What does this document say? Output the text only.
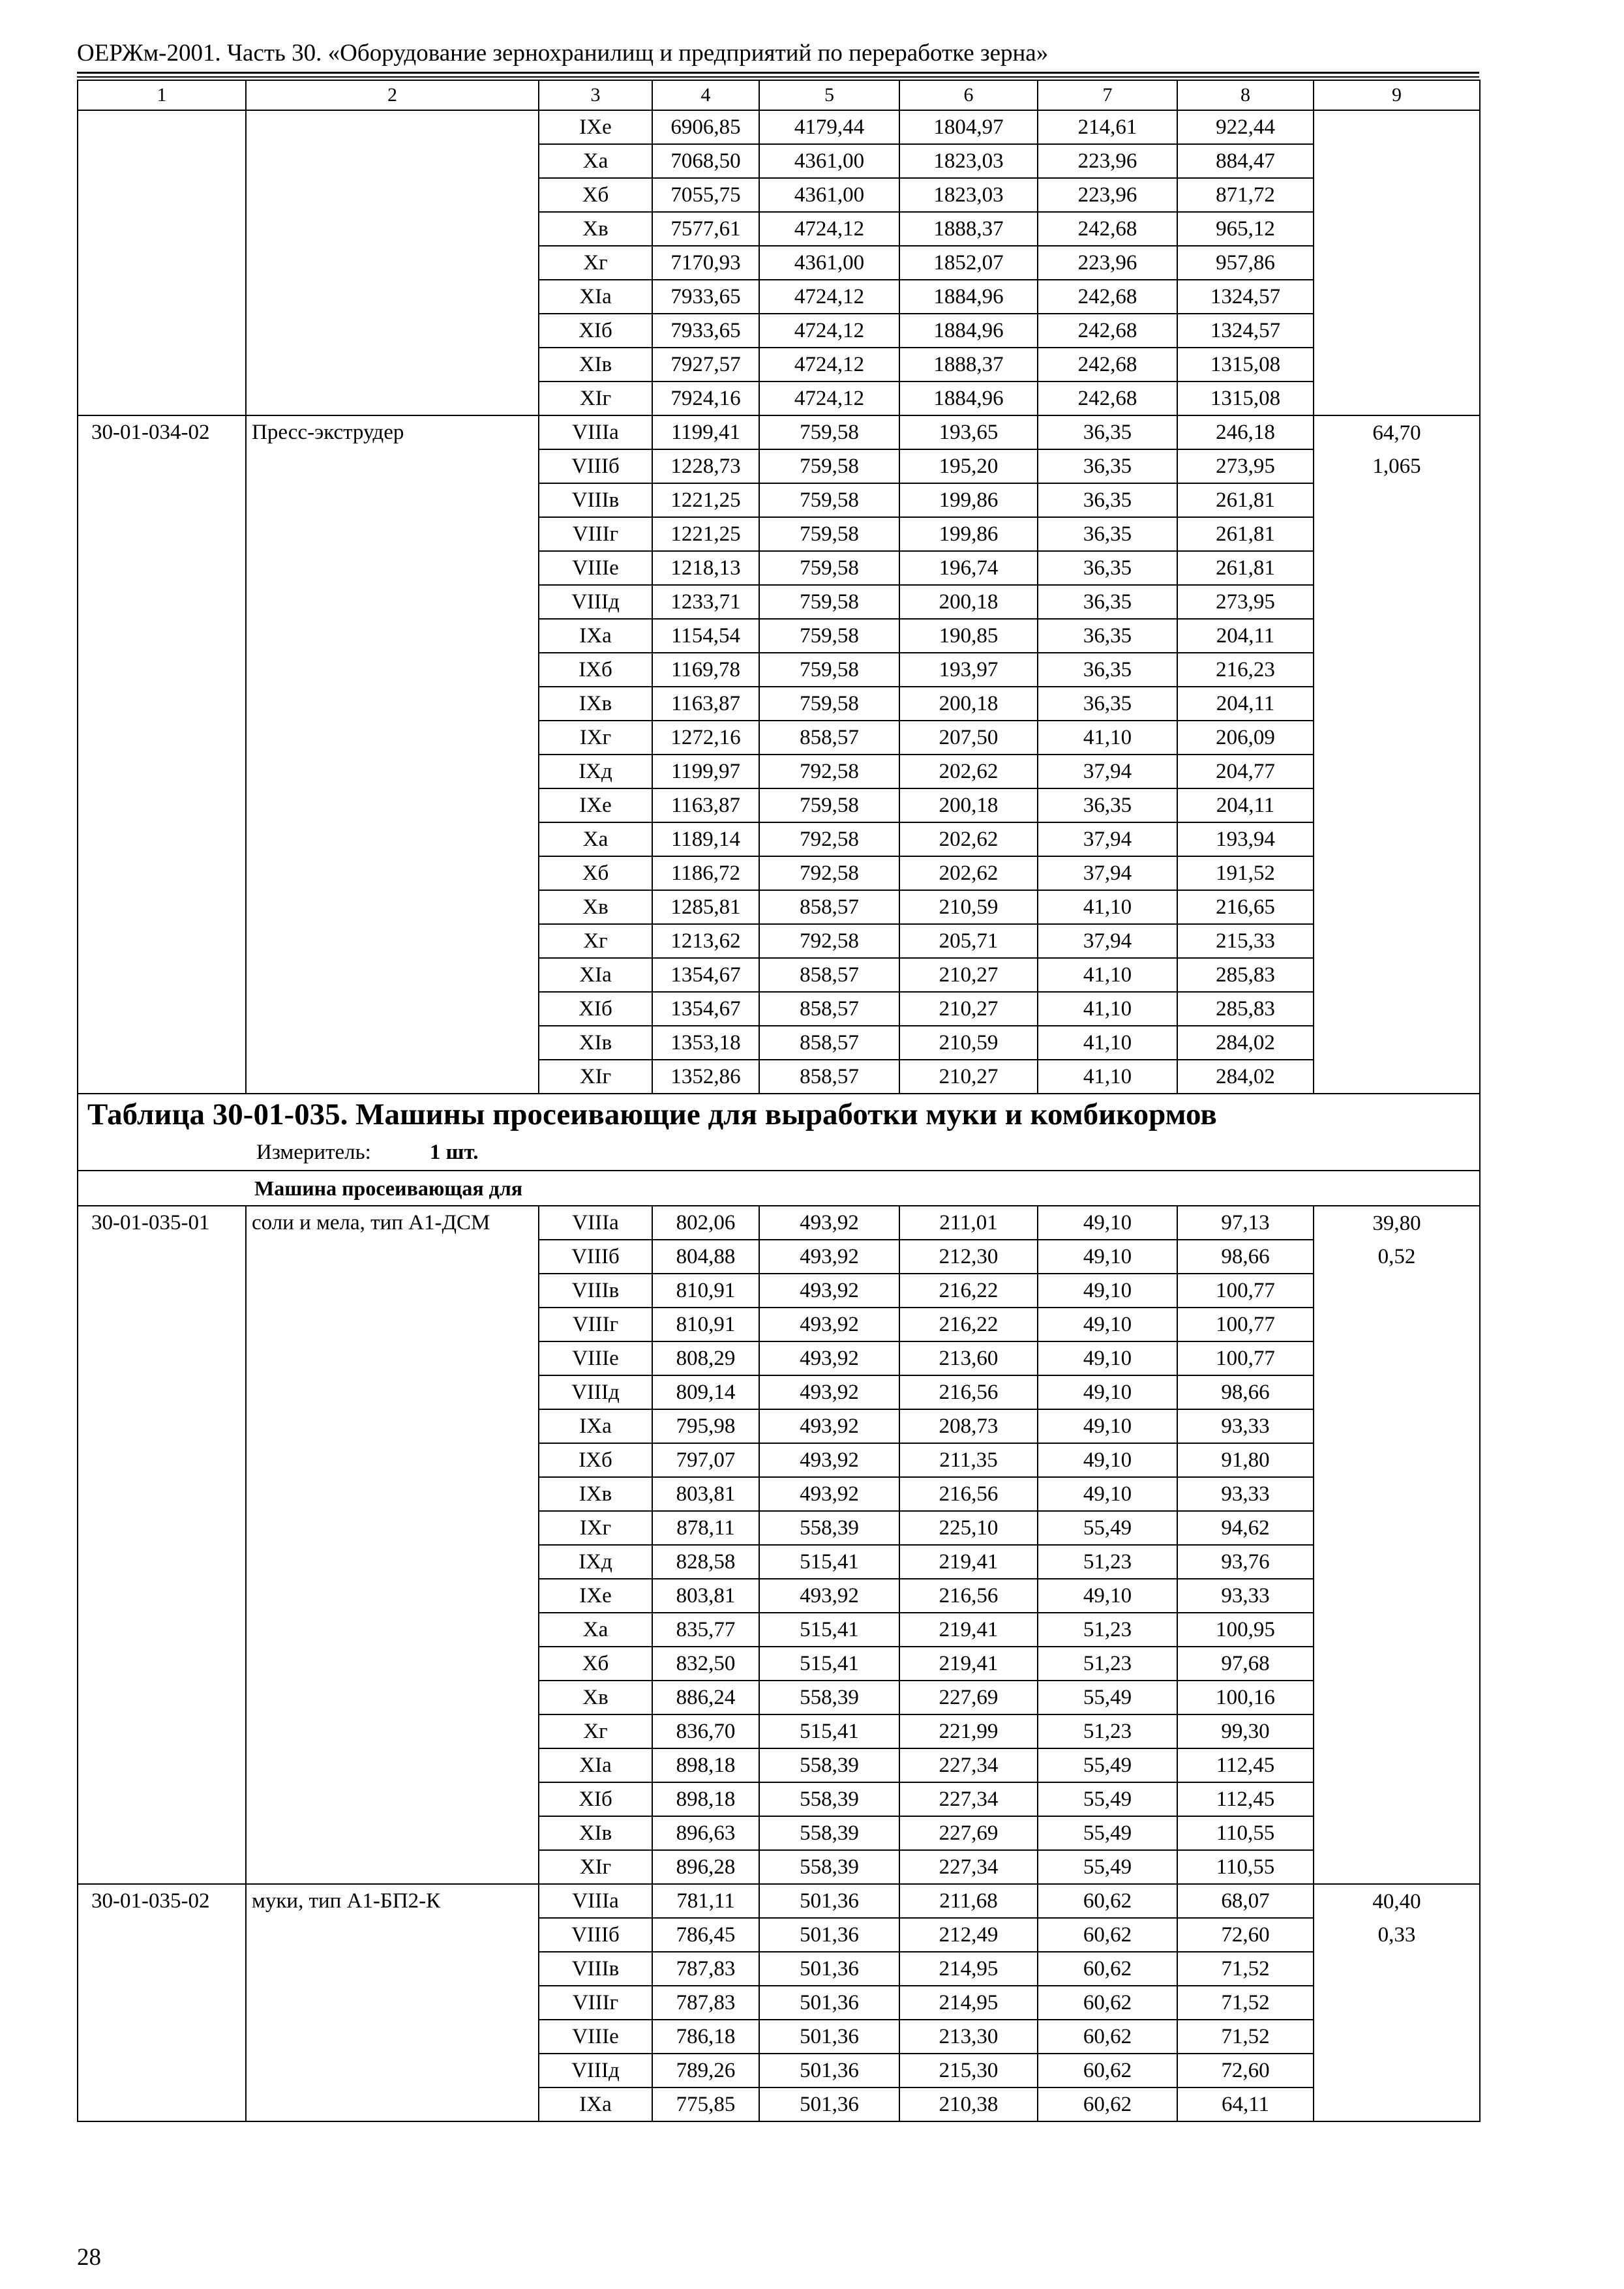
ОЕРЖм-2001. Часть 30. «Оборудование зернохранилищ и предприятий по переработке зерна»
1	2	3	4	5	6	7	8	9
		IXe	6906,85	4179,44	1804,97	214,61	922,44	
		Xa	7068,50	4361,00	1823,03	223,96	884,47	
		Xб	7055,75	4361,00	1823,03	223,96	871,72	
		Xв	7577,61	4724,12	1888,37	242,68	965,12	
		Xг	7170,93	4361,00	1852,07	223,96	957,86	
		XIa	7933,65	4724,12	1884,96	242,68	1324,57	
		XIб	7933,65	4724,12	1884,96	242,68	1324,57	
		XIв	7927,57	4724,12	1888,37	242,68	1315,08	
		XIг	7924,16	4724,12	1884,96	242,68	1315,08	
30-01-034-02	Пресс-экструдер	VIIIa	1199,41	759,58	193,65	36,35	246,18	64,70
		VIIIб	1228,73	759,58	195,20	36,35	273,95	1,065
		VIIIв	1221,25	759,58	199,86	36,35	261,81	
		VIIIг	1221,25	759,58	199,86	36,35	261,81	
		VIIIe	1218,13	759,58	196,74	36,35	261,81	
		VIIIд	1233,71	759,58	200,18	36,35	273,95	
		IXa	1154,54	759,58	190,85	36,35	204,11	
		IXб	1169,78	759,58	193,97	36,35	216,23	
		IXв	1163,87	759,58	200,18	36,35	204,11	
		IXг	1272,16	858,57	207,50	41,10	206,09	
		IXд	1199,97	792,58	202,62	37,94	204,77	
		IXe	1163,87	759,58	200,18	36,35	204,11	
		Xa	1189,14	792,58	202,62	37,94	193,94	
		Xб	1186,72	792,58	202,62	37,94	191,52	
		Xв	1285,81	858,57	210,59	41,10	216,65	
		Xг	1213,62	792,58	205,71	37,94	215,33	
		XIa	1354,67	858,57	210,27	41,10	285,83	
		XIб	1354,67	858,57	210,27	41,10	285,83	
		XIв	1353,18	858,57	210,59	41,10	284,02	
		XIг	1352,86	858,57	210,27	41,10	284,02	
Таблица 30-01-035. Машины просеивающие для выработки муки и комбикормов								
Измеритель: 1 шт.								
Машина просеивающая для								
30-01-035-01	соли и мела, тип А1-ДСМ	VIIIa	802,06	493,92	211,01	49,10	97,13	39,80
		VIIIб	804,88	493,92	212,30	49,10	98,66	0,52
		VIIIв	810,91	493,92	216,22	49,10	100,77	
		VIIIг	810,91	493,92	216,22	49,10	100,77	
		VIIIe	808,29	493,92	213,60	49,10	100,77	
		VIIIд	809,14	493,92	216,56	49,10	98,66	
		IXa	795,98	493,92	208,73	49,10	93,33	
		IXб	797,07	493,92	211,35	49,10	91,80	
		IXв	803,81	493,92	216,56	49,10	93,33	
		IXг	878,11	558,39	225,10	55,49	94,62	
		IXд	828,58	515,41	219,41	51,23	93,76	
		IXe	803,81	493,92	216,56	49,10	93,33	
		Xa	835,77	515,41	219,41	51,23	100,95	
		Xб	832,50	515,41	219,41	51,23	97,68	
		Xв	886,24	558,39	227,69	55,49	100,16	
		Xг	836,70	515,41	221,99	51,23	99,30	
		XIa	898,18	558,39	227,34	55,49	112,45	
		XIб	898,18	558,39	227,34	55,49	112,45	
		XIв	896,63	558,39	227,69	55,49	110,55	
		XIг	896,28	558,39	227,34	55,49	110,55	
30-01-035-02	муки, тип А1-БП2-К	VIIIa	781,11	501,36	211,68	60,62	68,07	40,40
		VIIIб	786,45	501,36	212,49	60,62	72,60	0,33
		VIIIв	787,83	501,36	214,95	60,62	71,52	
		VIIIг	787,83	501,36	214,95	60,62	71,52	
		VIIIe	786,18	501,36	213,30	60,62	71,52	
		VIIIд	789,26	501,36	215,30	60,62	72,60	
		IXa	775,85	501,36	210,38	60,62	64,11	
28
